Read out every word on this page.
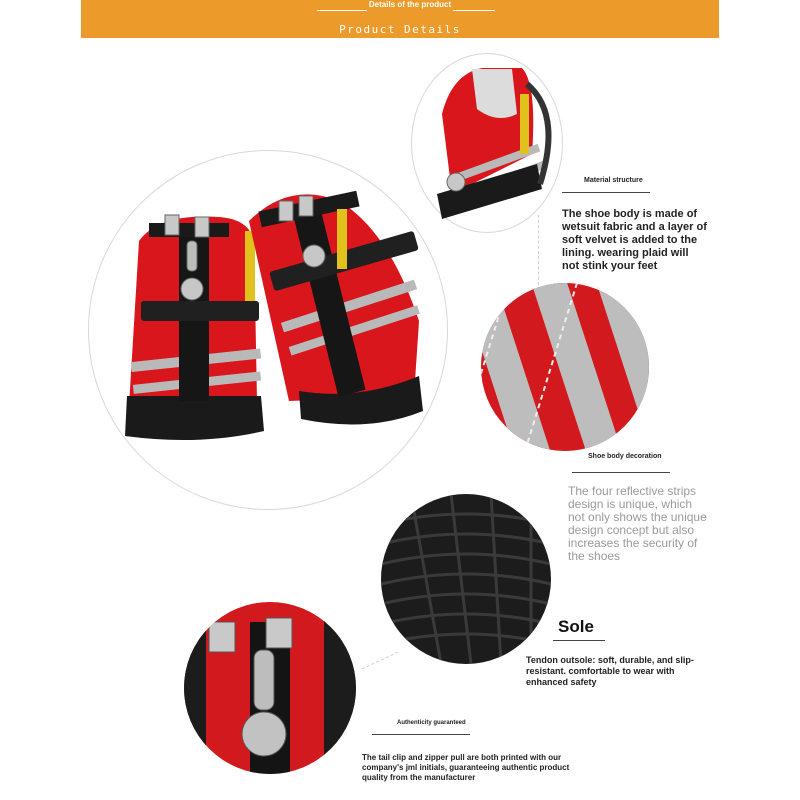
Details of the product
Product Details
Material structure
The shoe body is made of wetsuit fabric and a layer of soft velvet is added to the lining. wearing plaid will not stink your feet
Shoe body decoration
The four reflective strips design is unique, which not only shows the unique design concept but also increases the security of the shoes
Sole
Tendon outsole: soft, durable, and slip-resistant. comfortable to wear with enhanced safety
Authenticity guaranteed
The tail clip and zipper pull are both printed with our company's jml initials, guaranteeing authentic product quality from the manufacturer
